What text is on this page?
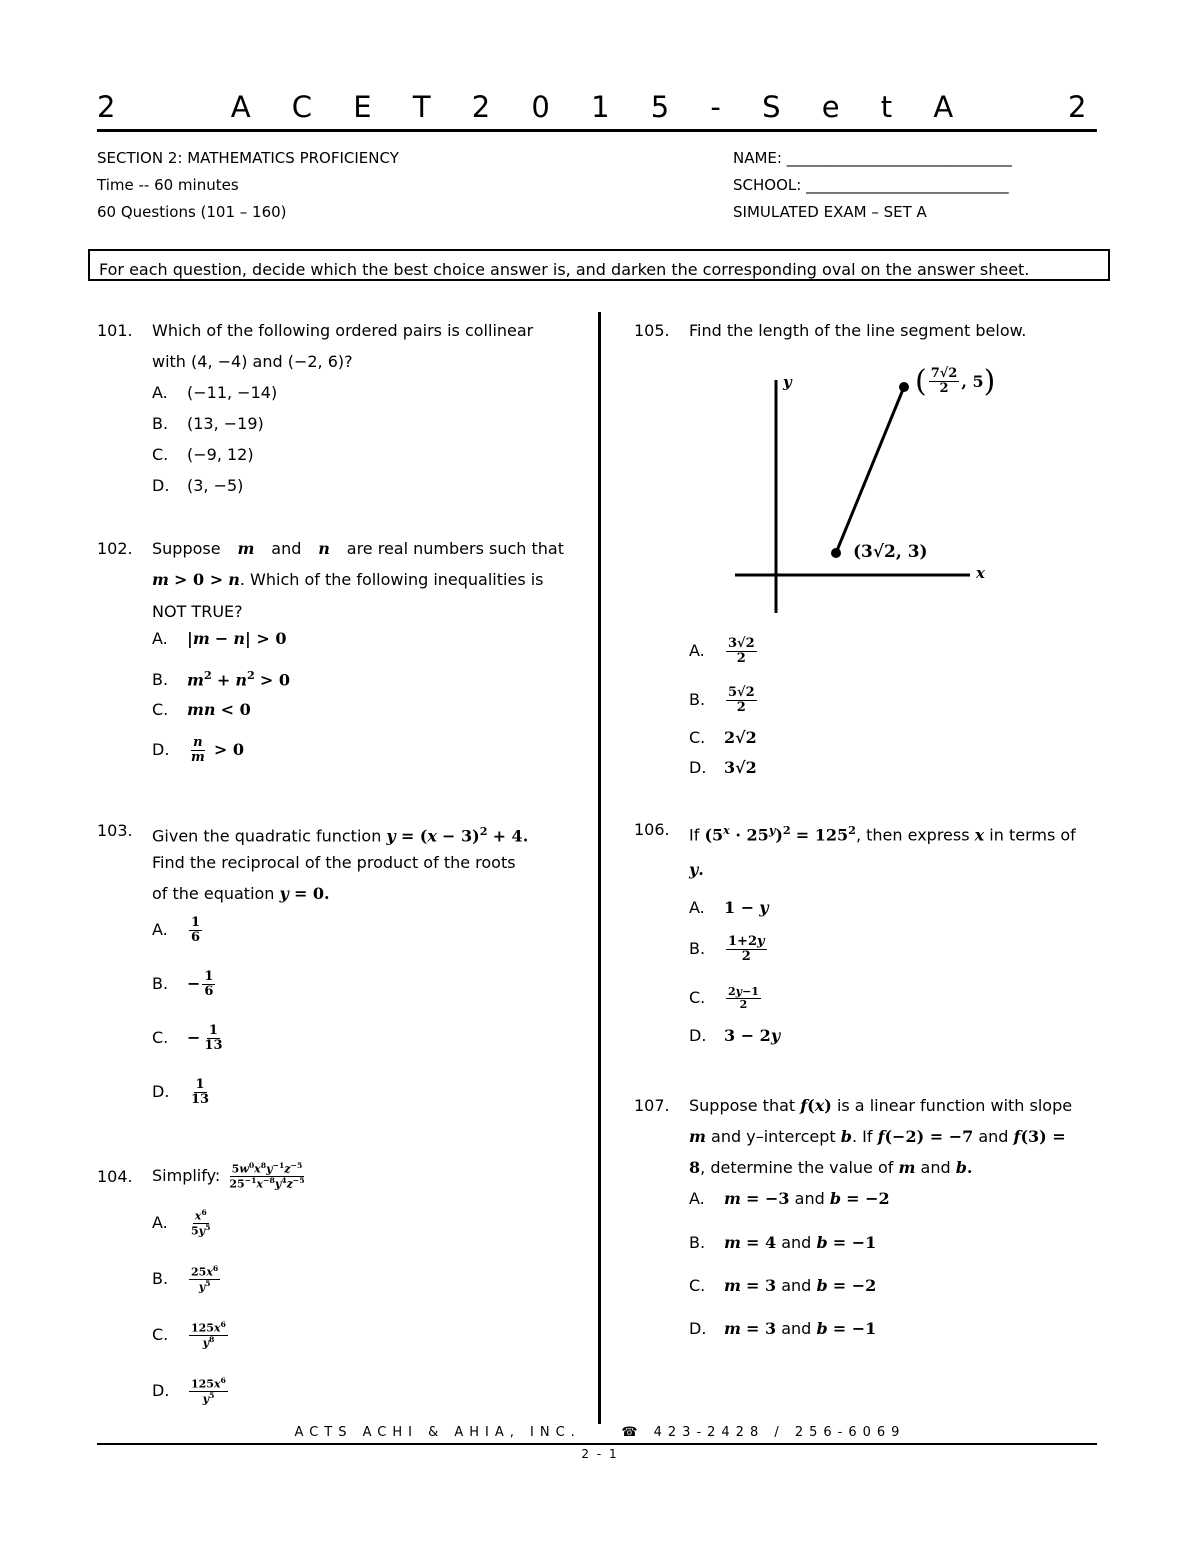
2	A C E T 2 0 1 5 - S e t A	2
SECTION 2: MATHEMATICS PROFICIENCY
Time -- 60 minutes
60 Questions (101 – 160)
NAME: ______________________________
SCHOOL: ___________________________
SIMULATED EXAM – SET A
For each question, decide which the best choice answer is, and darken the corresponding oval on the answer sheet.
101. Which of the following ordered pairs is collinear
with (4, −4) and (−2, 6)?
A. (−11, −14)
B. (13, −19)
C. (−9, 12)
D. (3, −5)
102. Suppose m and n are real numbers such that
m > 0 > n. Which of the following inequalities is
NOT TRUE?
A. |m − n| > 0
B. $m^2 + n^2 > 0$
C. mn < 0
D. $\frac{n}{m} > 0$
103. Given the quadratic function $y = (x - 3)^2 + 4$.
Find the reciprocal of the product of the roots
of the equation y = 0.
A. $\frac{1}{6}$
B. − $\frac{1}{6}$
C. − $\frac{1}{13}$
D. $\frac{1}{13}$
104. Simplify: $\frac{5w^0x^8y^{-1}z^{-5}}{25^{-1}x^{-8}y^4z^{-5}}$
A. $\frac{x^6}{5y^5}$
B. $\frac{25x^6}{y^5}$
C. $\frac{125x^6}{y^8}$
D. $\frac{125x^6}{y^5}$
105. Find the length of the line segment below.
y
x
( $\frac{7√2}{2}$ , 5 )
(3√2, 3)
A. $\frac{3√2}{2}$
B. $\frac{5√2}{2}$
C. 2√2
D. 3√2
106. If $(5^x \cdot 25^y)^2 = 125^2$, then express x in terms of
y.
A. 1 − y
B. $\frac{1+2y}{2}$
C. $\frac{2y-1}{2}$
D. 3 − 2y
107. Suppose that f(x) is a linear function with slope
m and y–intercept b. If f(−2) = −7 and f(3) =
8, determine the value of m and b.
A. m = −3 and b = −2
B. m = 4 and b = −1
C. m = 3 and b = −2
D. m = 3 and b = −1
ACTS ACHI & AHIA, INC.	☎ 423-2428 / 256-6069
2 - 1
